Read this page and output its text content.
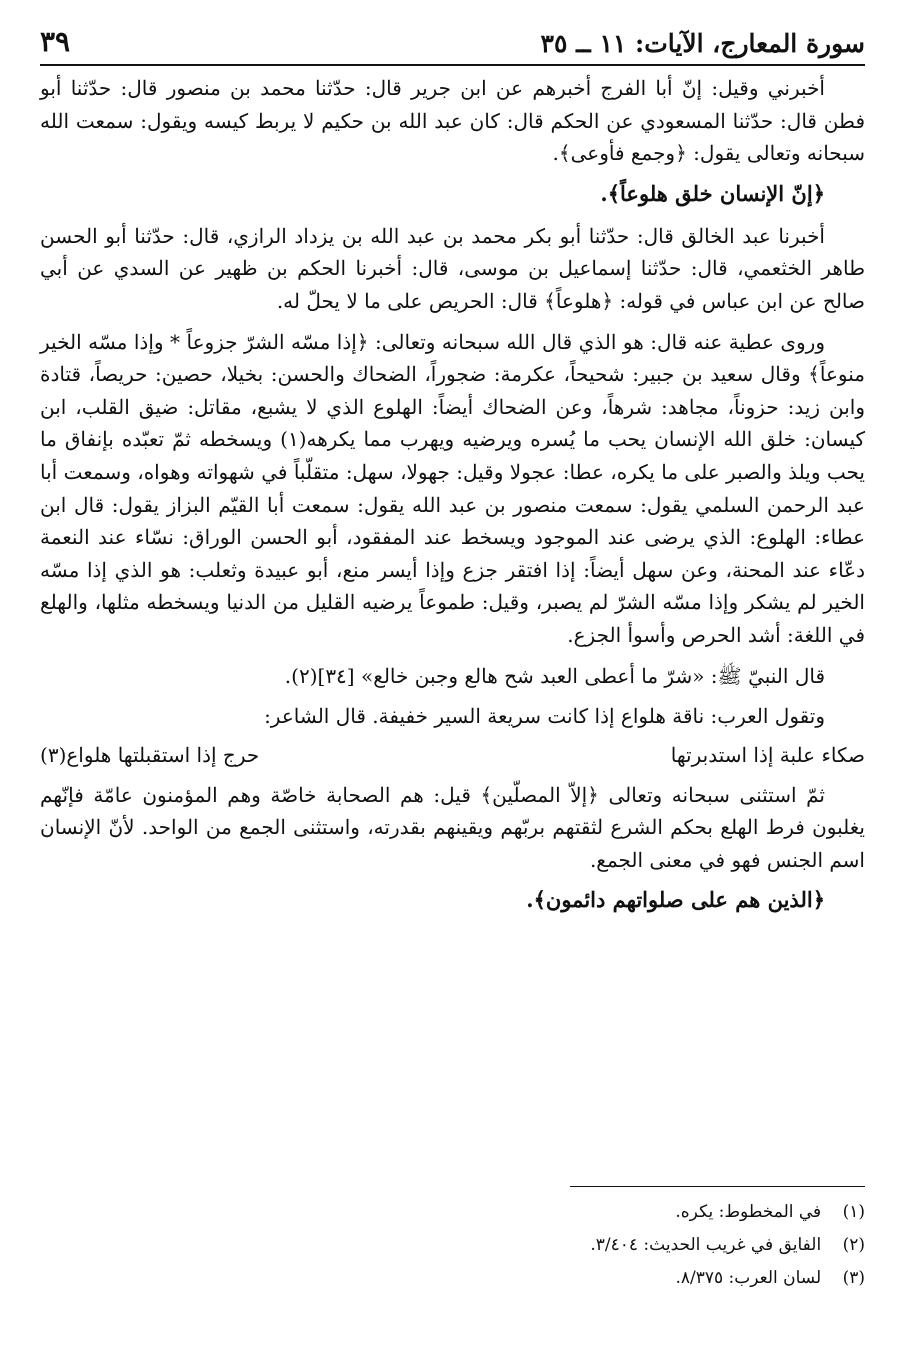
سورة المعارج، الآيات: ١١ ــ ٣٥
٣٩

أخبرني وقيل: إنّ أبا الفرج أخبرهم عن ابن جرير قال: حدّثنا محمد بن منصور قال: حدّثنا أبو فطن قال: حدّثنا المسعودي عن الحكم قال: كان عبد الله بن حكيم لا يربط كيسه ويقول: سمعت الله سبحانه وتعالى يقول: ﴿وجمع فأوعى﴾.

﴿إنّ الإنسان خلق هلوعاً﴾.

أخبرنا عبد الخالق قال: حدّثنا أبو بكر محمد بن عبد الله بن يزداد الرازي، قال: حدّثنا أبو الحسن طاهر الخثعمي، قال: حدّثنا إسماعيل بن موسى، قال: أخبرنا الحكم بن ظهير عن السدي عن أبي صالح عن ابن عباس في قوله: ﴿هلوعاً﴾ قال: الحريص على ما لا يحلّ له.

وروى عطية عنه قال: هو الذي قال الله سبحانه وتعالى: ﴿إذا مسّه الشرّ جزوعاً * وإذا مسّه الخير منوعاً﴾ وقال سعيد بن جبير: شحيحاً، عكرمة: ضجوراً، الضحاك والحسن: بخيلا، حصين: حريصاً، قتادة وابن زيد: حزوناً، مجاهد: شرهاً، وعن الضحاك أيضاً: الهلوع الذي لا يشبع، مقاتل: ضيق القلب، ابن كيسان: خلق الله الإنسان يحب ما يُسره ويرضيه ويهرب مما يكرهه(١) ويسخطه ثمّ تعبّده بإنفاق ما يحب ويلذ والصبر على ما يكره، عطا: عجولا وقيل: جهولا، سهل: متقلّباً في شهواته وهواه، وسمعت أبا عبد الرحمن السلمي يقول: سمعت منصور بن عبد الله يقول: سمعت أبا القيّم البزاز يقول: قال ابن عطاء: الهلوع: الذي يرضى عند الموجود ويسخط عند المفقود، أبو الحسن الوراق: نسّاء عند النعمة دعّاء عند المحنة، وعن سهل أيضاً: إذا افتقر جزع وإذا أيسر منع، أبو عبيدة وثعلب: هو الذي إذا مسّه الخير لم يشكر وإذا مسّه الشرّ لم يصبر، وقيل: طموعاً يرضيه القليل من الدنيا ويسخطه مثلها، والهلع في اللغة: أشد الحرص وأسوأ الجزع.

قال النبيّ ﷺ: «شرّ ما أعطى العبد شح هالع وجبن خالع» [٣٤](٢).

وتقول العرب: ناقة هلواع إذا كانت سريعة السير خفيفة. قال الشاعر:

صكاء علبة إذا استدبرتها
حرج إذا استقبلتها هلواع(٣)

ثمّ استثنى سبحانه وتعالى ﴿إلاّ المصلّين﴾ قيل: هم الصحابة خاصّة وهم المؤمنون عامّة فإنّهم يغلبون فرط الهلع بحكم الشرع لثقتهم بربّهم ويقينهم بقدرته، واستثنى الجمع من الواحد. لأنّ الإنسان اسم الجنس فهو في معنى الجمع.

﴿الذين هم على صلواتهم دائمون﴾.

(١) في المخطوط: يكره.

(٢) الفايق في غريب الحديث: ٣/٤٠٤.

(٣) لسان العرب: ٨/٣٧٥.
